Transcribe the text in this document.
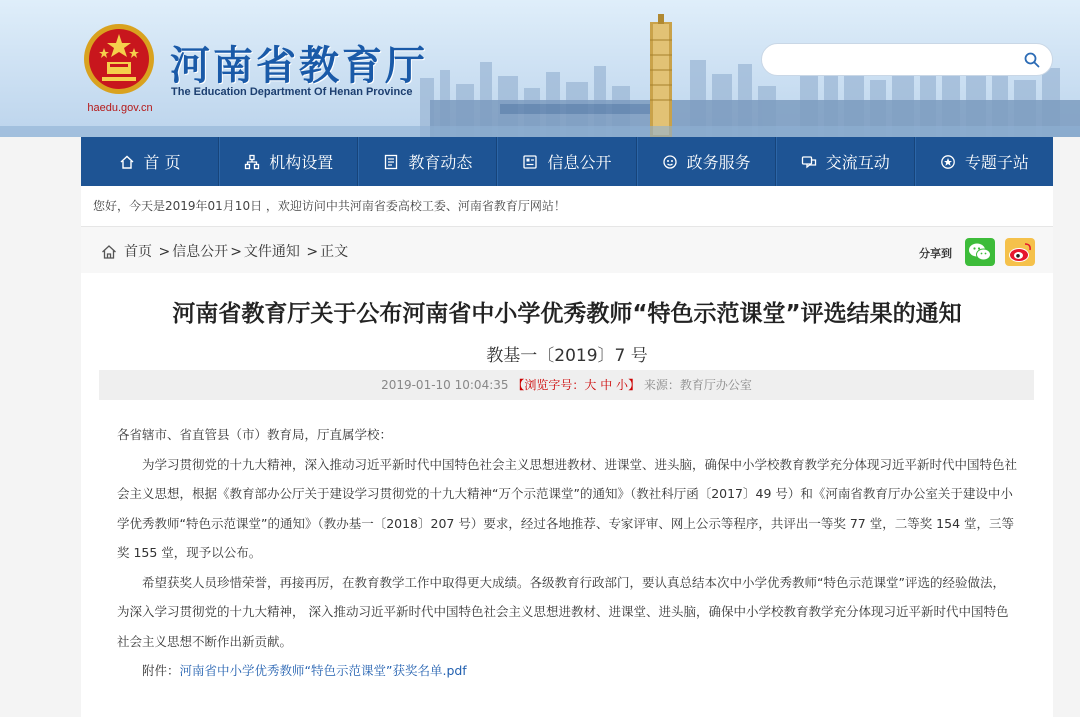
haedu.gov.cn
河南省教育厅
The Education Department Of Henan Province
首 页	机构设置	教育动态	信息公开	政务服务	交流互动	专题子站
您好，今天是2019年01月10日 ，欢迎访问中共河南省委高校工委、河南省教育厅网站！
首页 > 信息公开 > 文件通知 > 正文	分享到
河南省教育厅关于公布河南省中小学优秀教师“特色示范课堂”评选结果的通知
教基一〔2019〕7 号
2019-01-10 10:04:35 【浏览字号：大 中 小】 来源：教育厅办公室

各省辖市、省直管县（市）教育局，厅直属学校：

为学习贯彻党的十九大精神，深入推动习近平新时代中国特色社会主义思想进教材、进课堂、进头脑，确保中小学校教育教学充分体现习近平新时代中国特色社会主义思想，根据《教育部办公厅关于建设学习贯彻党的十九大精神“万个示范课堂”的通知》（教社科厅函〔2017〕49 号）和《河南省教育厅办公室关于建设中小学优秀教师“特色示范课堂”的通知》（教办基一〔2018〕207 号）要求，经过各地推荐、专家评审、网上公示等程序，共评出一等奖 77 堂，二等奖 154 堂，三等奖 155 堂，现予以公布。

希望获奖人员珍惜荣誉，再接再厉，在教育教学工作中取得更大成绩。各级教育行政部门，要认真总结本次中小学优秀教师“特色示范课堂”评选的经验做法，为深入学习贯彻党的十九大精神， 深入推动习近平新时代中国特色社会主义思想进教材、进课堂、进头脑，确保中小学校教育教学充分体现习近平新时代中国特色社会主义思想不断作出新贡献。

附件：河南省中小学优秀教师“特色示范课堂”获奖名单.pdf
